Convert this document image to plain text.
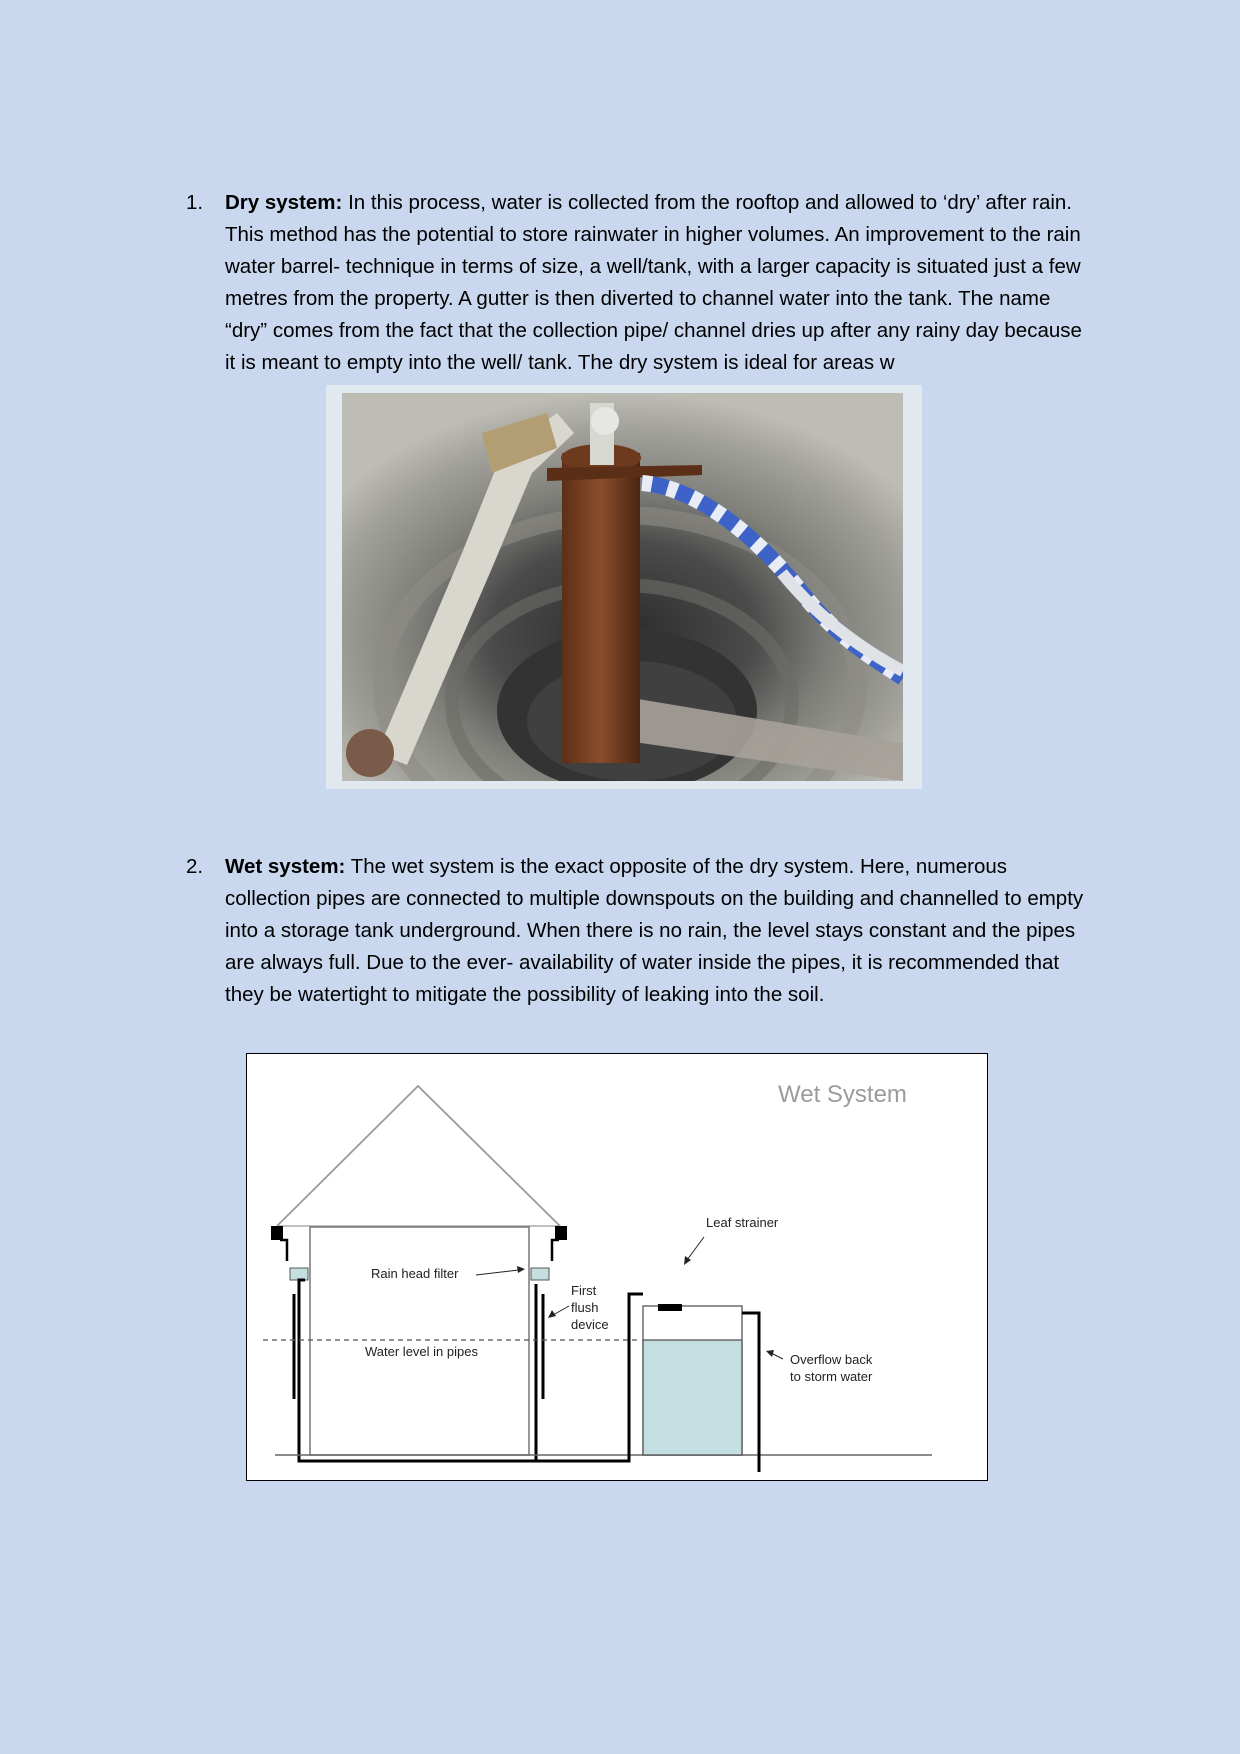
1.	Dry system: In this process, water is collected from the rooftop and allowed to ‘dry’ after rain. This method has the potential to store rainwater in higher volumes. An improvement to the rain water barrel- technique in terms of size, a well/tank, with a larger capacity is situated just a few metres from the property. A gutter is then diverted to channel water into the tank. The name “dry” comes from the fact that the collection pipe/ channel dries up after any rainy day because it is meant to empty into the well/ tank. The dry system is ideal for areas w
2.	Wet system: The wet system is the exact opposite of the dry system. Here, numerous collection pipes are connected to multiple downspouts on the building and channelled to empty into a storage tank underground. When there is no rain, the level stays constant and the pipes are always full. Due to the ever- availability of water inside the pipes, it is recommended that they be watertight to mitigate the possibility of leaking into the soil.
Wet System
Rain head filter
First
flush
device
Water level in pipes
Leaf strainer
Overflow back
to storm water
